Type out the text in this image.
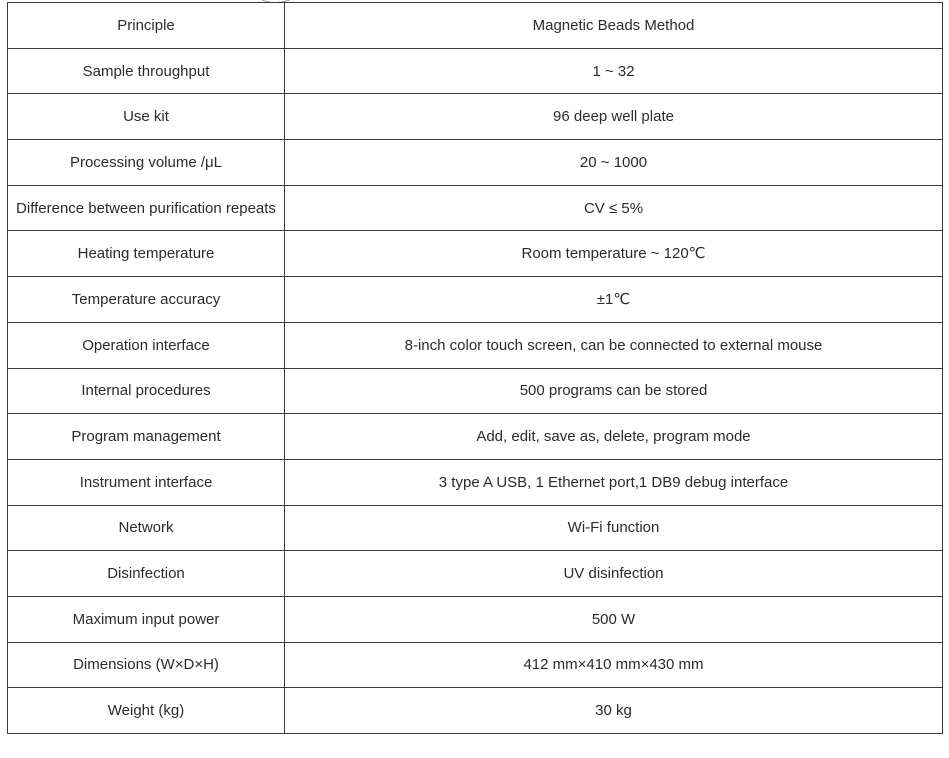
Principle	Magnetic Beads Method
Sample throughput	1 ~ 32
Use kit	96 deep well plate
Processing volume /μL	20 ~ 1000
Difference between purification repeats	CV ≤ 5%
Heating temperature	Room temperature ~ 120℃
Temperature accuracy	±1℃
Operation interface	8-inch color touch screen, can be connected to external mouse
Internal procedures	500 programs can be stored
Program management	Add, edit, save as, delete, program mode
Instrument interface	3 type A USB, 1 Ethernet port,1 DB9 debug interface
Network	Wi-Fi function
Disinfection	UV disinfection
Maximum input power	500 W
Dimensions (W×D×H)	412 mm×410 mm×430 mm
Weight (kg)	30 kg
